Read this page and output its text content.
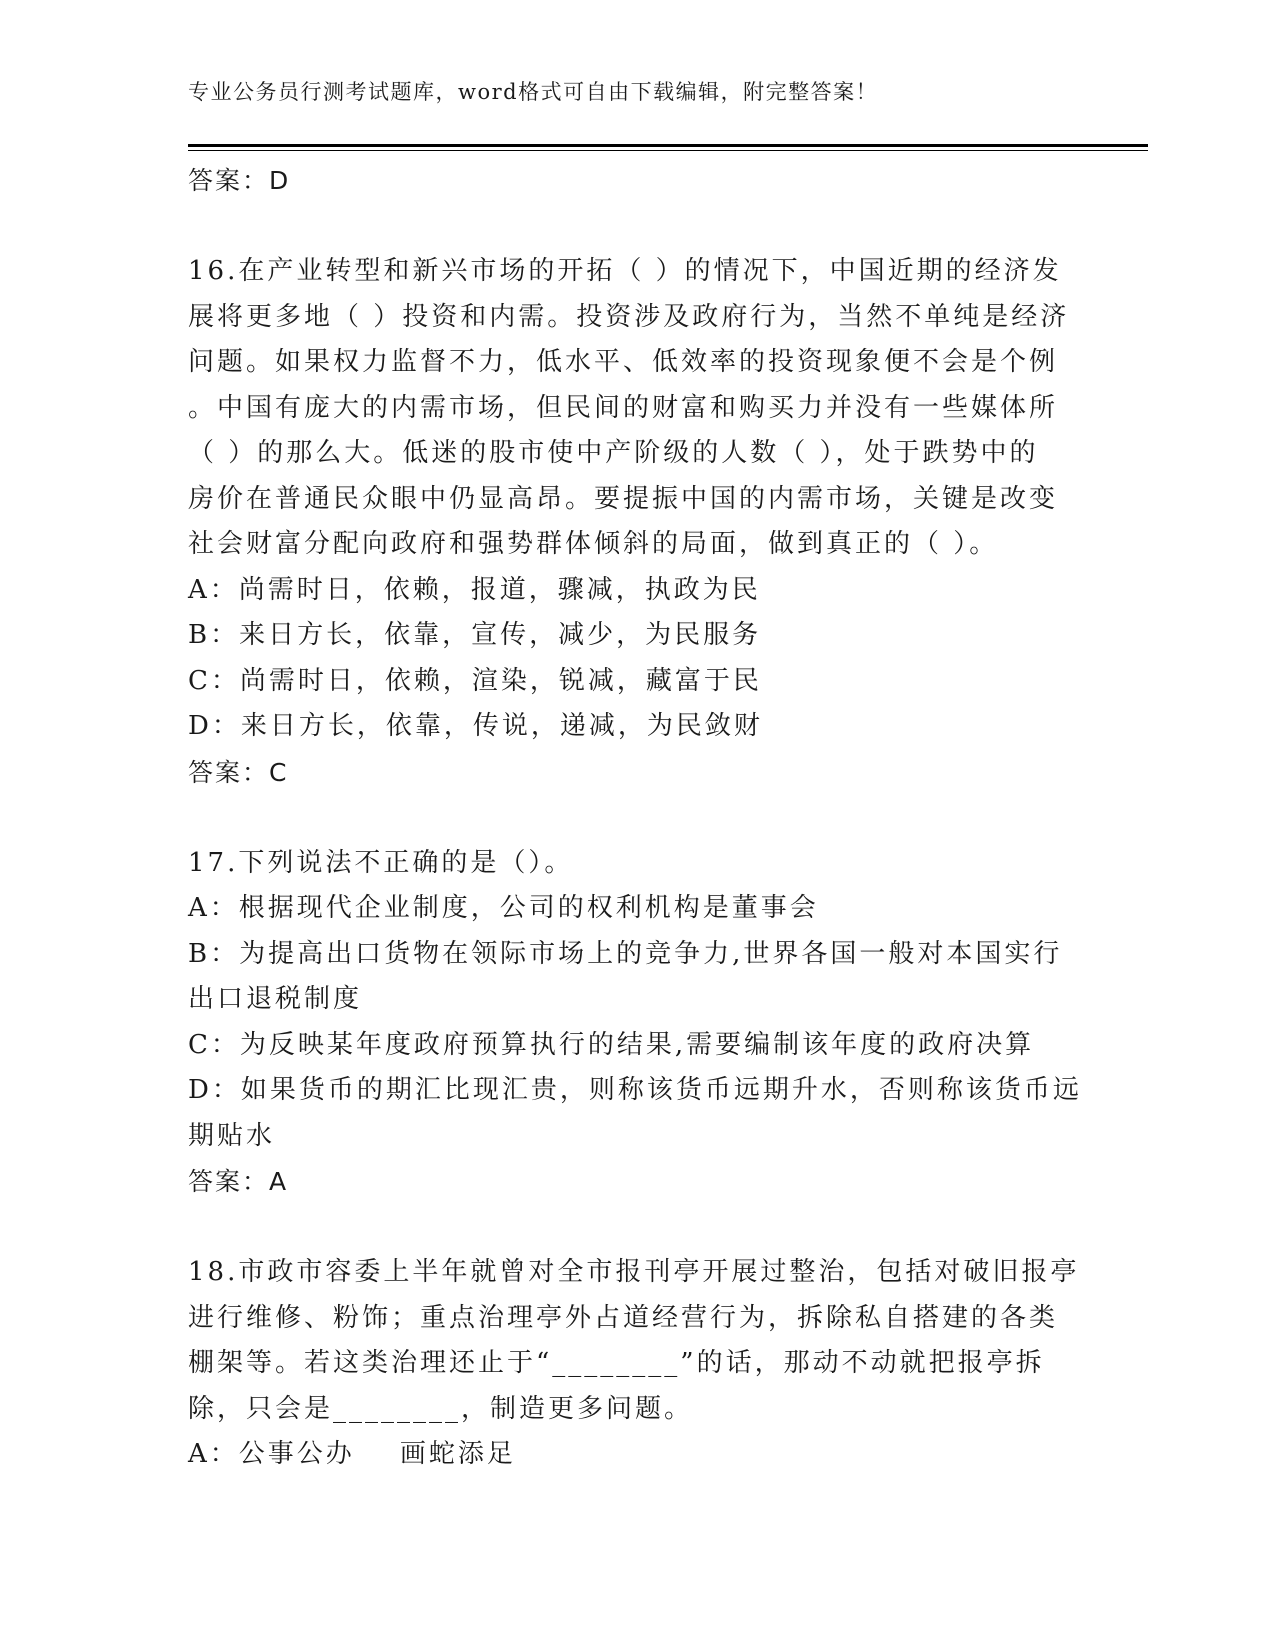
专业公务员行测考试题库，word格式可自由下载编辑，附完整答案！
答案：D
16.在产业转型和新兴市场的开拓（ ）的情况下，中国近期的经济发
展将更多地（ ）投资和内需。投资涉及政府行为，当然不单纯是经济
问题。如果权力监督不力，低水平、低效率的投资现象便不会是个例
。中国有庞大的内需市场，但民间的财富和购买力并没有一些媒体所
（ ）的那么大。低迷的股市使中产阶级的人数（ ），处于跌势中的
房价在普通民众眼中仍显高昂。要提振中国的内需市场，关键是改变
社会财富分配向政府和强势群体倾斜的局面，做到真正的（ ）。
A：尚需时日，依赖，报道，骤减，执政为民
B：来日方长，依靠，宣传，减少，为民服务
C：尚需时日，依赖，渲染，锐减，藏富于民
D：来日方长，依靠，传说，递减，为民敛财
答案：C
17.下列说法不正确的是（）。
A：根据现代企业制度，公司的权利机构是董事会
B：为提高出口货物在领际市场上的竞争力,世界各国一般对本国实行
出口退税制度
C：为反映某年度政府预算执行的结果,需要编制该年度的政府决算
D：如果货币的期汇比现汇贵，则称该货币远期升水，否则称该货币远
期贴水
答案：A
18.市政市容委上半年就曾对全市报刊亭开展过整治，包括对破旧报亭
进行维修、粉饰；重点治理亭外占道经营行为，拆除私自搭建的各类
棚架等。若这类治理还止于“________”的话，那动不动就把报亭拆
除，只会是________，制造更多问题。
A：公事公办    画蛇添足
